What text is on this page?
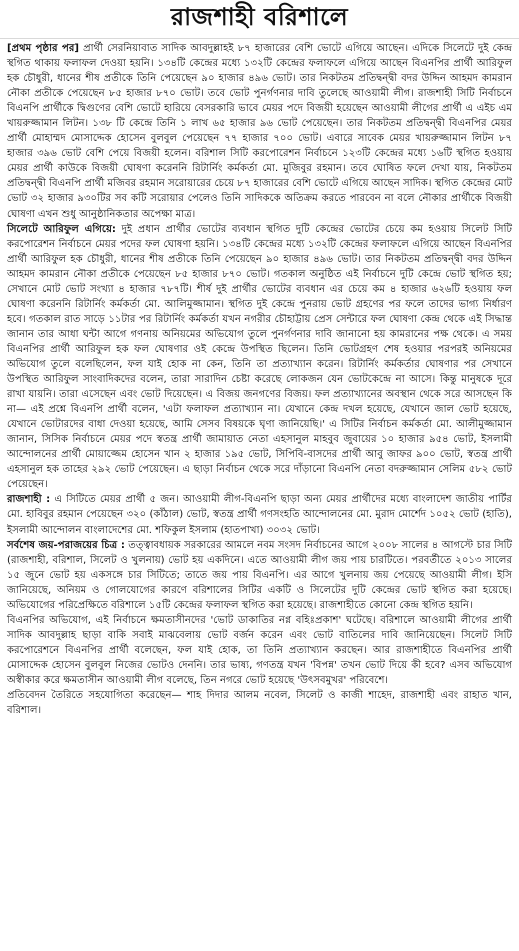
রাজশাহী বরিশালে

[প্রথম পৃষ্ঠার পর] প্রার্থী সেরনিয়াবাত সাদিক আবদুল্লাহই ৮৭ হাজারের বেশি ভোটে এগিয়ে আছেন। এদিকে সিলেটে দুই কেন্দ্র স্থগিত থাকায় ফলাফল দেওয়া হয়নি। ১৩৪টি কেন্দ্রের মধ্যে ১৩২টি কেন্দ্রের ফলাফলে এগিয়ে আছেন বিএনপির প্রার্থী আরিফুল হক চৌধুরী, ধানের শীষ প্রতীকে তিনি পেয়েছেন ৯০ হাজার ৪৯৬ ভোট। তার নিকটতম প্রতিদ্বন্দ্বী বদর উদ্দিন আহমদ কামরান নৌকা প্রতীকে পেয়েছেন ৮৫ হাজার ৮৭০ ভোট। তবে ভোট পুনর্গণনার দাবি তুলেছে আওয়ামী লীগ। রাজশাহী সিটি নির্বাচনে বিএনপি প্রার্থীকে দ্বিগুণের বেশি ভোটে হারিয়ে বেসরকারি ভাবে মেয়র পদে বিজয়ী হয়েছেন আওয়ামী লীগের প্রার্থী এ এইচ এম খায়রুজ্জামান লিটন। ১৩৮ টি কেন্দ্রে তিনি ১ লাখ ৬৫ হাজার ৯৬ ভোট পেয়েছেন। তার নিকটতম প্রতিদ্বন্দ্বী বিএনপির মেয়র প্রার্থী মোহাম্মদ মোসাদ্দেক হোসেন বুলবুল পেয়েছেন ৭৭ হাজার ৭০০ ভোট। এবারে সাবেক মেয়র খায়রুজ্জামান লিটন ৮৭ হাজার ৩৯৬ ভোট বেশি পেয়ে বিজয়ী হলেন। বরিশাল সিটি করপোরেশন নির্বাচনে ১২৩টি কেন্দ্রের মধ্যে ১৬টি স্থগিত হওয়ায় মেয়র প্রার্থী কাউকে বিজয়ী ঘোষণা করেননি রিটার্নিং কর্মকর্তা মো. মুজিবুর রহমান। তবে ঘোষিত ফলে দেখা যায়, নিকটতম প্রতিদ্বন্দ্বী বিএনপি প্রার্থী মজিবর রহমান সরোয়ারের চেয়ে ৮৭ হাজারের বেশি ভোটে এগিয়ে আছেন সাদিক। স্থগিত কেন্দ্রের মোট ভোট ৩২ হাজার ৯৩০টির সব কটি সরোয়ার পেলেও তিনি সাদিককে অতিক্রম করতে পারবেন না বলে নৌকার প্রার্থীকে বিজয়ী ঘোষণা এখন শুধু আনুষ্ঠানিকতার অপেক্ষা মাত্র।

সিলেটে আরিফুল এগিয়ে: দুই প্রধান প্রার্থীর ভোটের ব্যবধান স্থগিত দুটি কেন্দ্রের ভোটের চেয়ে কম হওয়ায় সিলেট সিটি করপোরেশন নির্বাচনে মেয়র পদের ফল ঘোষণা হয়নি। ১৩৪টি কেন্দ্রের মধ্যে ১৩২টি কেন্দ্রের ফলাফলে এগিয়ে আছেন বিএনপির প্রার্থী আরিফুল হক চৌধুরী, ধানের শীষ প্রতীকে তিনি পেয়েছেন ৯০ হাজার ৪৯৬ ভোট। তার নিকটতম প্রতিদ্বন্দ্বী বদর উদ্দিন আহমদ কামরান নৌকা প্রতীকে পেয়েছেন ৮৫ হাজার ৮৭০ ভোট। গতকাল অনুষ্ঠিত এই নির্বাচনে দুটি কেন্দ্রে ভোট স্থগিত হয়; সেখানে মোট ভোট সংখ্যা ৪ হাজার ৭৮৭টি। শীর্ষ দুই প্রার্থীর ভোটের ব্যবধান এর চেয়ে কম ৪ হাজার ৬২৬টি হওয়ায় ফল ঘোষণা করেননি রিটার্নিং কর্মকর্তা মো. আলিমুজ্জামান। স্থগিত দুই কেন্দ্রে পুনরায় ভোট গ্রহণের পর ফলে তাদের ভাগ্য নির্ধারণ হবে। গতকাল রাত সাড়ে ১১টার পর রিটার্নিং কর্মকর্তা যখন নগরীর চৌহাট্টায় প্রেস সেন্টারে ফল ঘোষণা কেন্দ্র থেকে এই সিদ্ধান্ত জানান তার আধা ঘন্টা আগে গণনায় অনিয়মের অভিযোগ তুলে পুনর্গণনার দাবি জানানো হয় কামরানের পক্ষ থেকে। এ সময় বিএনপির প্রার্থী আরিফুল হক ফল ঘোষণার ওই কেন্দ্রে উপস্থিত ছিলেন। তিনি ভোটগ্রহণ শেষ হওয়ার পরপরই অনিয়মের অভিযোগ তুলে বলেছিলেন, ফল যাই হোক না কেন, তিনি তা প্রত্যাখ্যান করেন। রিটার্নিং কর্মকর্তার ঘোষণার পর সেখানে উপস্থিত আরিফুল সাংবাদিকদের বলেন, তারা সারাদিন চেষ্টা করেছে লোকজন যেন ভোটকেন্দ্রে না আসে। কিন্তু মানুষকে দূরে রাখা যায়নি। তারা এসেছেন এবং ভোট দিয়েছেন। এ বিজয় জনগণের বিজয়। ফল প্রত্যাখ্যানের অবস্থান থেকে সরে আসছেন কি না— এই প্রশ্নে বিএনপি প্রার্থী বলেন, 'এটা ফলাফল প্রত্যাখ্যান না। যেখানে কেন্দ্র দখল হয়েছে, যেখানে জাল ভোট হয়েছে, যেখানে ভোটারদের বাধা দেওয়া হয়েছে, আমি সেসব বিষয়কে ঘৃণা জানিয়েছি।' এ সিটির নির্বাচন কর্মকর্তা মো. আলীমুজ্জামান জানান, সিসিক নির্বাচনে মেয়র পদে স্বতন্ত্র প্রার্থী জামায়াত নেতা এহসানুল মাহবুব জুবায়ের ১০ হাজার ৯৫৪ ভোট, ইসলামী আন্দোলনের প্রার্থী মোয়াজ্জেম হোসেন খান ২ হাজার ১৯৫ ভোট, সিপিবি-বাসদের প্রার্থী আবু জাফর ৯০০ ভোট, স্বতন্ত্র প্রার্থী এহসানুল হক তাহের ২৯২ ভোট পেয়েছেন। এ ছাড়া নির্বাচন থেকে সরে দাঁড়ানো বিএনপি নেতা বদরুজ্জামান সেলিম ৫৮২ ভোট পেয়েছেন।

রাজশাহী : এ সিটিতে মেয়র প্রার্থী ৫ জন। আওয়ামী লীগ-বিএনপি ছাড়া অন্য মেয়র প্রার্থীদের মধ্যে বাংলাদেশ জাতীয় পার্টির মো. হাবিবুর রহমান পেয়েছেন ৩২০ (কাঁঠাল) ভোট, স্বতন্ত্র প্রার্থী গণসংহতি আন্দোলনের মো. মুরাদ মোর্শেদ ১০৫২ ভোট (হাতি), ইসলামী আন্দোলন বাংলাদেশের মো. শফিকুল ইসলাম (হাতপাখা) ৩০৩২ ভোট।

সর্বশেষ জয়-পরাজয়ের চিত্র : তত্ত্বাবধায়ক সরকারের আমলে নবম সংসদ নির্বাচনের আগে ২০০৮ সালের ৪ আগস্টে চার সিটি (রাজশাহী, বরিশাল, সিলেট ও খুলনায়) ভোট হয় একদিনে। এতে আওয়ামী লীগ জয় পায় চারটিতে। পরবর্তীতে ২০১৩ সালের ১৫ জুনে ভোট হয় একসঙ্গে চার সিটিতে; তাতে জয় পায় বিএনপি। এর আগে খুলনায় জয় পেয়েছে আওয়ামী লীগ। ইসি জানিয়েছে, অনিয়ম ও গোলযোগের কারণে বরিশালের সিটির একটি ও সিলেটের দুটি কেন্দ্রের ভোট স্থগিত করা হয়েছে। অভিযোগের পরিপ্রেক্ষিতে বরিশালে ১৫টি কেন্দ্রের ফলাফল স্থগিত করা হয়েছে। রাজশাহীতে কোনো কেন্দ্র স্থগিত হয়নি।

বিএনপির অভিযোগ, এই নির্বাচনে ক্ষমতাসীনদের 'ভোট ডাকাতির নগ্ন বহিঃপ্রকাশ' ঘটেছে। বরিশালে আওয়ামী লীগের প্রার্থী সাদিক আবদুল্লাহ ছাড়া বাকি সবাই মাঝবেলায় ভোট বর্জন করেন এবং ভোট বাতিলের দাবি জানিয়েছেন। সিলেট সিটি করপোরেশনে বিএনপির প্রার্থী বলেছেন, ফল যাই হোক, তা তিনি প্রত্যাখ্যান করছেন। আর রাজশাহীতে বিএনপির প্রার্থী মোসাদ্দেক হোসেন বুলবুল নিজের ভোটও দেননি। তার ভাষ্য, গণতন্ত্র যখন 'বিপন্ন' তখন ভোট দিয়ে কী হবে? এসব অভিযোগ অস্বীকার করে ক্ষমতাসীন আওয়ামী লীগ বলেছে, তিন নগরে ভোট হয়েছে 'উৎসবমুখর' পরিবেশে।

প্রতিবেদন তৈরিতে সহযোগিতা করেছেন— শাহ দিদার আলম নবেল, সিলেট ও কাজী শাহেদ, রাজশাহী এবং রাহাত খান, বরিশাল।
